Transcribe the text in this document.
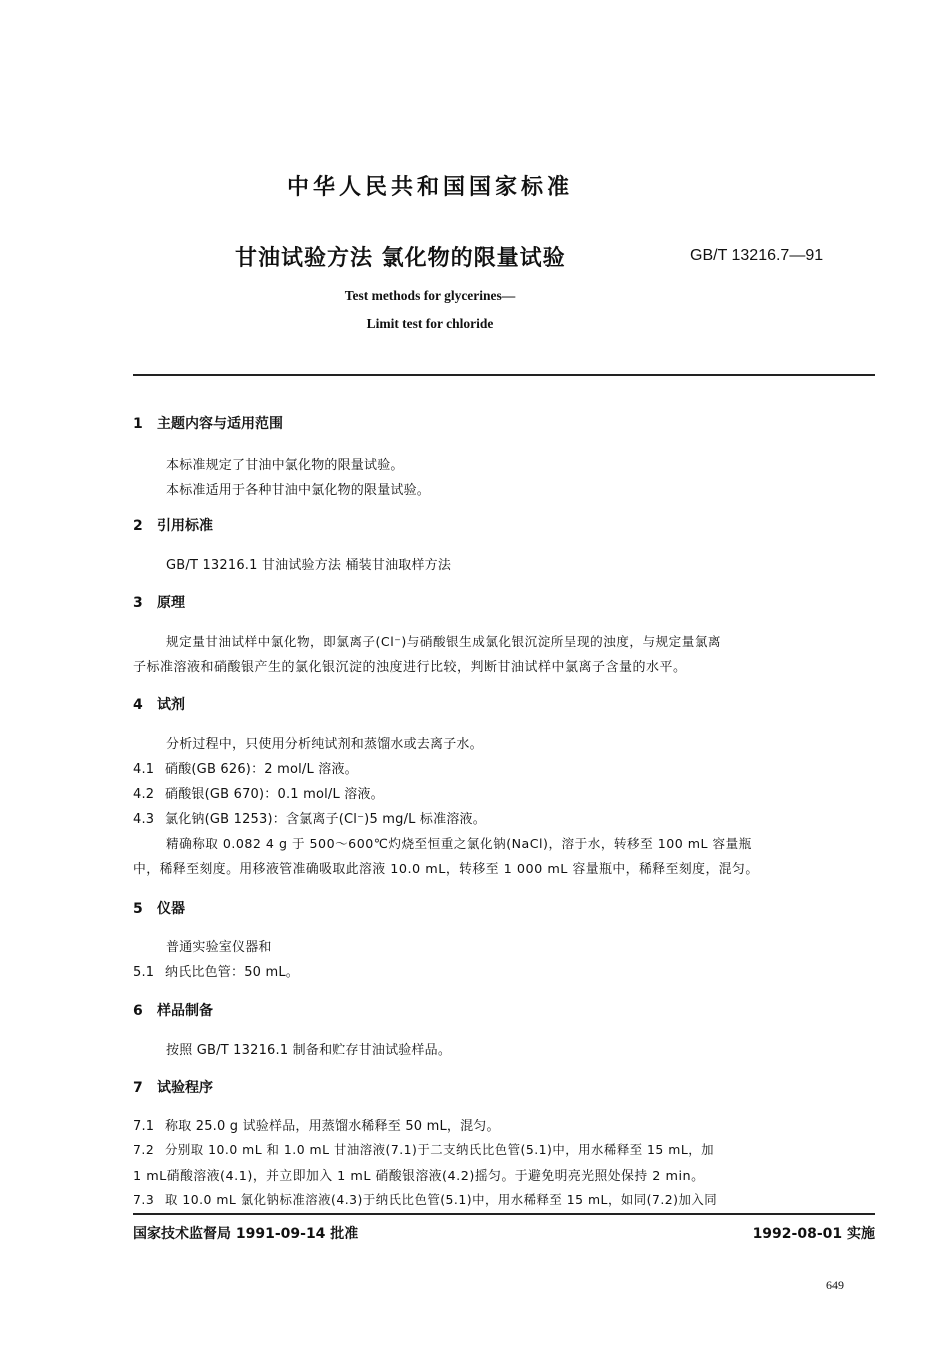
中华人民共和国国家标准
甘油试验方法 氯化物的限量试验	GB/T 13216.7—91
Test methods for glycerines—
Limit test for chloride
1 主题内容与适用范围
本标准规定了甘油中氯化物的限量试验。
本标准适用于各种甘油中氯化物的限量试验。
2 引用标准
GB/T 13216.1 甘油试验方法 桶装甘油取样方法
3 原理
规定量甘油试样中氯化物，即氯离子(Cl⁻)与硝酸银生成氯化银沉淀所呈现的浊度，与规定量氯离
子标准溶液和硝酸银产生的氯化银沉淀的浊度进行比较，判断甘油试样中氯离子含量的水平。
4 试剂
分析过程中，只使用分析纯试剂和蒸馏水或去离子水。
4.1 硝酸(GB 626)：2 mol/L 溶液。
4.2 硝酸银(GB 670)：0.1 mol/L 溶液。
4.3 氯化钠(GB 1253)：含氯离子(Cl⁻)5 mg/L 标准溶液。
精确称取 0.082 4 g 于 500～600℃灼烧至恒重之氯化钠(NaCl)，溶于水，转移至 100 mL 容量瓶
中，稀释至刻度。用移液管准确吸取此溶液 10.0 mL，转移至 1 000 mL 容量瓶中，稀释至刻度，混匀。
5 仪器
普通实验室仪器和
5.1 纳氏比色管：50 mL。
6 样品制备
按照 GB/T 13216.1 制备和贮存甘油试验样品。
7 试验程序
7.1 称取 25.0 g 试验样品，用蒸馏水稀释至 50 mL，混匀。
7.2 分别取 10.0 mL 和 1.0 mL 甘油溶液(7.1)于二支纳氏比色管(5.1)中，用水稀释至 15 mL，加
1 mL硝酸溶液(4.1)，并立即加入 1 mL 硝酸银溶液(4.2)摇匀。于避免明亮光照处保持 2 min。
7.3 取 10.0 mL 氯化钠标准溶液(4.3)于纳氏比色管(5.1)中，用水稀释至 15 mL，如同(7.2)加入同
国家技术监督局 1991-09-14 批准	1992-08-01 实施
649
